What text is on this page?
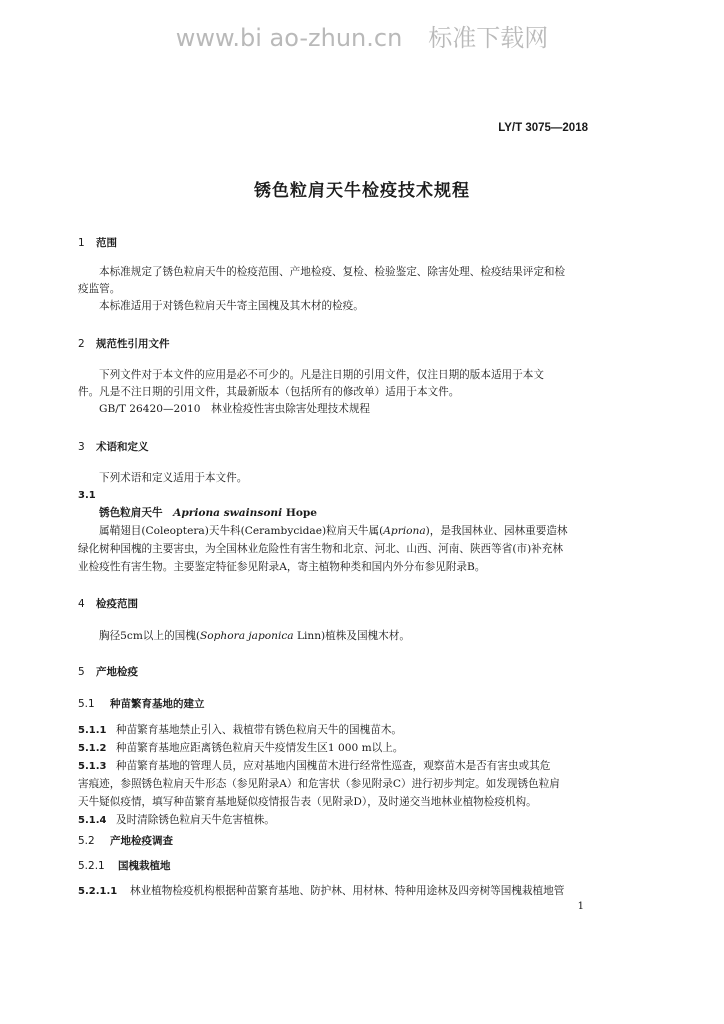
www.bi ao-zhun.cn 标准下载网
LY/T 3075—2018
锈色粒肩天牛检疫技术规程
1 范围
本标准规定了锈色粒肩天牛的检疫范围、产地检疫、复检、检验鉴定、除害处理、检疫结果评定和检
疫监管。
本标准适用于对锈色粒肩天牛寄主国槐及其木材的检疫。
2 规范性引用文件
下列文件对于本文件的应用是必不可少的。凡是注日期的引用文件，仅注日期的版本适用于本文
件。凡是不注日期的引用文件，其最新版本（包括所有的修改单）适用于本文件。
GB/T 26420—2010　林业检疫性害虫除害处理技术规程
3 术语和定义
下列术语和定义适用于本文件。
3.1
锈色粒肩天牛　Apriona swainsoni Hope
属鞘翅目(Coleoptera)天牛科(Cerambycidae)粒肩天牛属(Apriona)，是我国林业、园林重要造林
绿化树种国槐的主要害虫，为全国林业危险性有害生物和北京、河北、山西、河南、陕西等省(市)补充林
业检疫性有害生物。主要鉴定特征参见附录A，寄主植物种类和国内外分布参见附录B。
4 检疫范围
胸径5cm以上的国槐(Sophora japonica Linn)植株及国槐木材。
5 产地检疫
5.1 种苗繁育基地的建立
5.1.1 种苗繁育基地禁止引入、栽植带有锈色粒肩天牛的国槐苗木。
5.1.2 种苗繁育基地应距离锈色粒肩天牛疫情发生区1 000 m以上。
5.1.3 种苗繁育基地的管理人员，应对基地内国槐苗木进行经常性巡查，观察苗木是否有害虫或其危
害痕迹，参照锈色粒肩天牛形态（参见附录A）和危害状（参见附录C）进行初步判定。如发现锈色粒肩
天牛疑似疫情，填写种苗繁育基地疑似疫情报告表（见附录D），及时递交当地林业植物检疫机构。
5.1.4 及时清除锈色粒肩天牛危害植株。
5.2 产地检疫调查
5.2.1 国槐栽植地
5.2.1.1 林业植物检疫机构根据种苗繁育基地、防护林、用材林、特种用途林及四旁树等国槐栽植地管
1
